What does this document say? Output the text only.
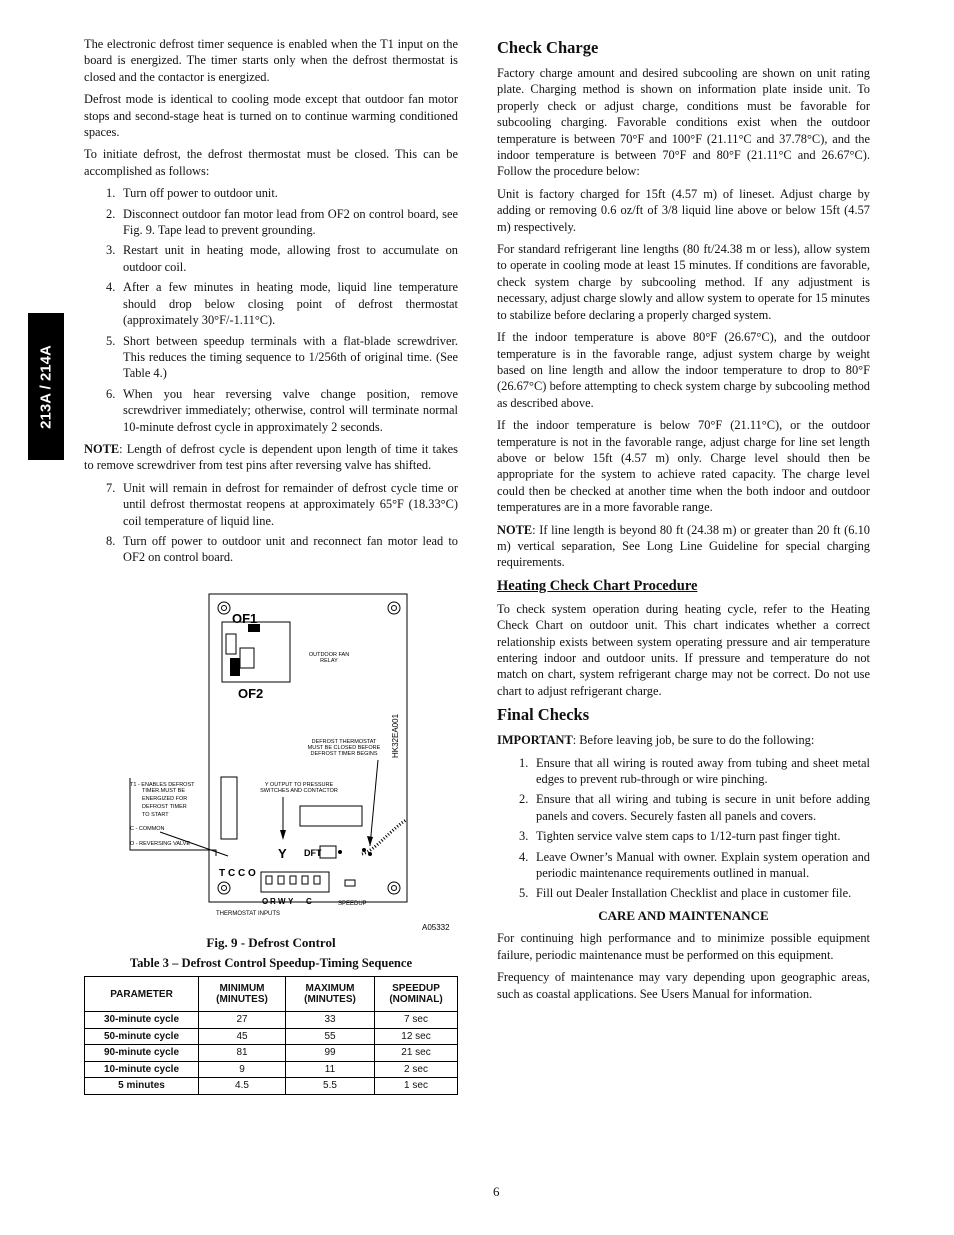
213A / 214A

The electronic defrost timer sequence is enabled when the T1 input on the board is energized. The timer starts only when the defrost thermostat is closed and the contactor is energized.

Defrost mode is identical to cooling mode except that outdoor fan motor stops and second-stage heat is turned on to continue warming conditioned spaces.

To initiate defrost, the defrost thermostat must be closed. This can be accomplished as follows:

1. Turn off power to outdoor unit.
2. Disconnect outdoor fan motor lead from OF2 on control board, see Fig. 9. Tape lead to prevent grounding.
3. Restart unit in heating mode, allowing frost to accumulate on outdoor coil.
4. After a few minutes in heating mode, liquid line temperature should drop below closing point of defrost thermostat (approximately 30°F/-1.11°C).
5. Short between speedup terminals with a flat-blade screwdriver. This reduces the timing sequence to 1/256th of original time. (See Table 4.)
6. When you hear reversing valve change position, remove screwdriver immediately; otherwise, control will terminate normal 10-minute defrost cycle in approximately 2 seconds.

NOTE: Length of defrost cycle is dependent upon length of time it takes to remove screwdriver from test pins after reversing valve has shifted.

7. Unit will remain in defrost for remainder of defrost cycle time or until defrost thermostat reopens at approximately 65°F (18.33°C) coil temperature of liquid line.
8. Turn off power to outdoor unit and reconnect fan motor lead to OF2 on control board.
OF1
OF2
OUTDOOR FAN
RELAY
HK32EA001
DEFROST THERMOSTAT
MUST BE CLOSED BEFORE
DEFROST TIMER BEGINS
T1 - ENABLES DEFROST
TIMER.MUST BE
ENERGIZED FOR
DEFROST TIMER
TO START
C - COMMON
O - REVERSING VALVE
Y OUTPUT TO PRESSURE
SWITCHES AND CONTACTOR
T C C O
Y DFT
O R W Y C	SPEEDUP
THERMOSTAT INPUTS
A05332
Fig. 9 - Defrost Control
Table 3 – Defrost Control Speedup-Timing Sequence
PARAMETER	MINIMUM (MINUTES)	MAXIMUM (MINUTES)	SPEEDUP (NOMINAL)
30-minute cycle	27	33	7 sec
50-minute cycle	45	55	12 sec
90-minute cycle	81	99	21 sec
10-minute cycle	9	11	2 sec
5 minutes	4.5	5.5	1 sec
Check Charge

Factory charge amount and desired subcooling are shown on unit rating plate. Charging method is shown on information plate inside unit. To properly check or adjust charge, conditions must be favorable for subcooling charging. Favorable conditions exist when the outdoor temperature is between 70°F and 100°F (21.11°C and 37.78°C), and the indoor temperature is between 70°F and 80°F (21.11°C and 26.67°C). Follow the procedure below:

Unit is factory charged for 15ft (4.57 m) of lineset. Adjust charge by adding or removing 0.6 oz/ft of 3/8 liquid line above or below 15ft (4.57 m) respectively.

For standard refrigerant line lengths (80 ft/24.38 m or less), allow system to operate in cooling mode at least 15 minutes. If conditions are favorable, check system charge by subcooling method. If any adjustment is necessary, adjust charge slowly and allow system to operate for 15 minutes to stabilize before declaring a properly charged system.

If the indoor temperature is above 80°F (26.67°C), and the outdoor temperature is in the favorable range, adjust system charge by weight based on line length and allow the indoor temperature to drop to 80°F (26.67°C) before attempting to check system charge by subcooling method as described above.

If the indoor temperature is below 70°F (21.11°C), or the outdoor temperature is not in the favorable range, adjust charge for line set length above or below 15ft (4.57 m) only. Charge level should then be appropriate for the system to achieve rated capacity. The charge level could then be checked at another time when the both indoor and outdoor temperatures are in a more favorable range.

NOTE: If line length is beyond 80 ft (24.38 m) or greater than 20 ft (6.10 m) vertical separation, See Long Line Guideline for special charging requirements.

Heating Check Chart Procedure

To check system operation during heating cycle, refer to the Heating Check Chart on outdoor unit. This chart indicates whether a correct relationship exists between system operating pressure and air temperature entering indoor and outdoor units. If pressure and temperature do not match on chart, system refrigerant charge may not be correct. Do not use chart to adjust refrigerant charge.

Final Checks

IMPORTANT: Before leaving job, be sure to do the following:

1. Ensure that all wiring is routed away from tubing and sheet metal edges to prevent rub-through or wire pinching.
2. Ensure that all wiring and tubing is secure in unit before adding panels and covers. Securely fasten all panels and covers.
3. Tighten service valve stem caps to 1/12-turn past finger tight.
4. Leave Owner’s Manual with owner. Explain system operation and periodic maintenance requirements outlined in manual.
5. Fill out Dealer Installation Checklist and place in customer file.
CARE AND MAINTENANCE

For continuing high performance and to minimize possible equipment failure, periodic maintenance must be performed on this equipment.

Frequency of maintenance may vary depending upon geographic areas, such as coastal applications. See Users Manual for information.

6
